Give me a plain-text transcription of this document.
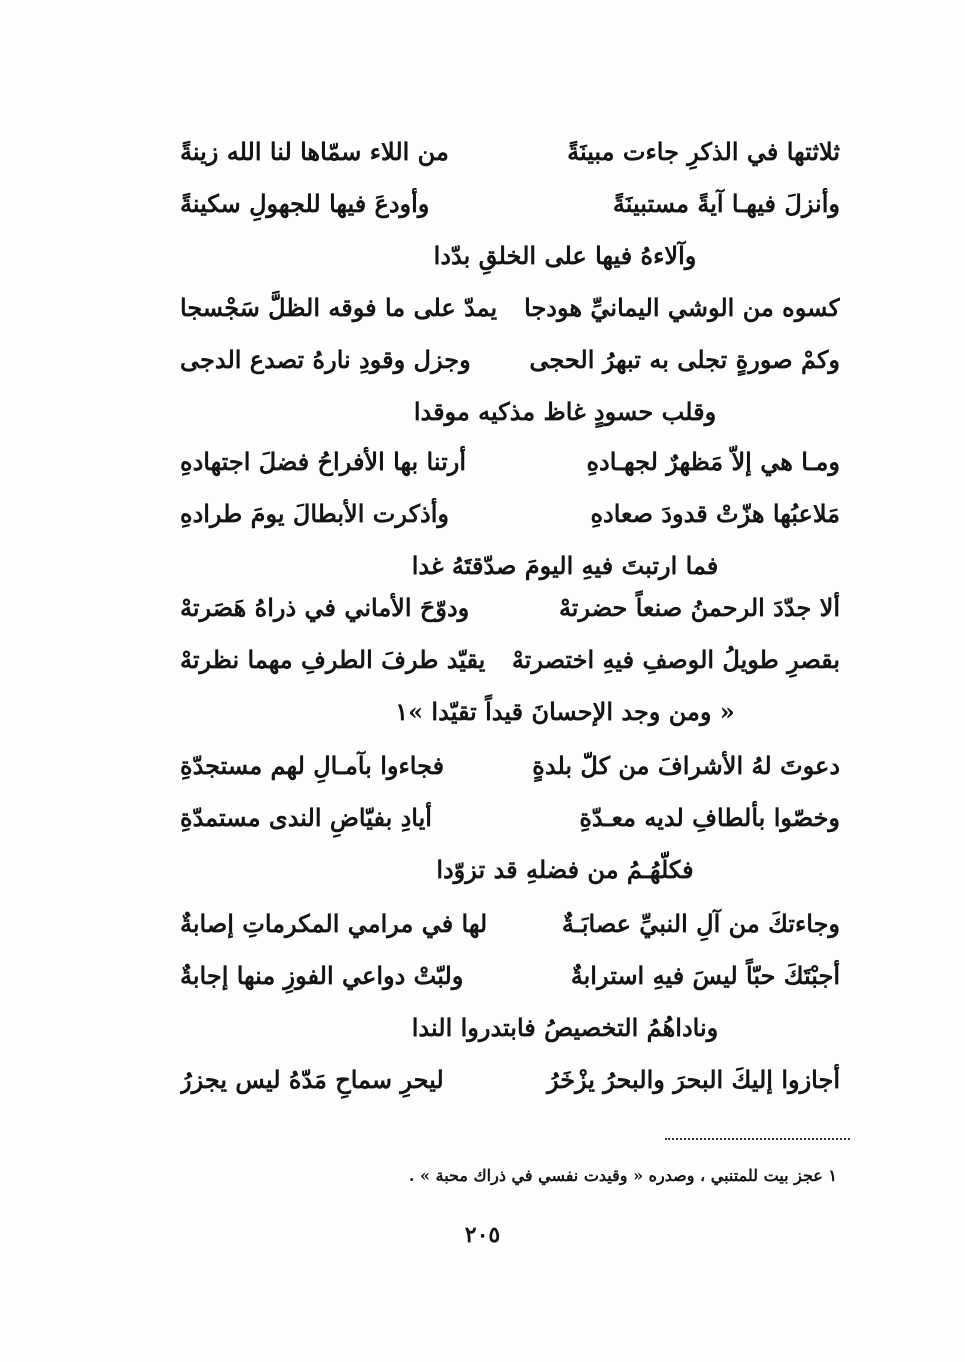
ثلاثتها في الذكرِ جاءت مبينَةً
من اللاء سمّاها لنا الله زينةً
وأنزلَ فيهـا آيةً مستبينَةً
وأودعَ فيها للجهولِ سكينةً
وآلاءهُ فيها على الخلقِ بدّدا
كسوه من الوشي اليمانيِّ هودجا
يمدّ على ما فوقه الظلَّ سَجْسجا
وكمْ صورةٍ تجلى به تبهرُ الحجى
وجزل وقودِ نارهُ تصدع الدجى
وقلب حسودٍ غاظ مذكيه موقدا
ومـا هي إلاّ مَظهرٌ لجهـادهِ
أرتنا بها الأفراحُ فضلَ اجتهادهِ
مَلاعبُها هزّتْ قدودَ صعادهِ
وأذكرت الأبطالَ يومَ طرادهِ
فما ارتبتَ فيهِ اليومَ صدّقتَهُ غدا
ألا جدّدَ الرحمنُ صنعاً حضرتهْ
ودوّحَ الأماني في ذراهُ هَصَرتهْ
بقصرِ طويلُ الوصفِ فيهِ اختصرتهْ
يقيّد طرفَ الطرفِ مهما نظرتهْ
« ومن وجد الإحسانَ قيداً تقيّدا »١
دعوتَ لهُ الأشرافَ من كلّ بلدةٍ
فجاءوا بآمـالِ لهم مستجدّةِ
وخصّوا بألطافِ لديه معـدّةِ
أيادِ بفيّاضِ الندى مستمدّةِ
فكلّهُـمُ من فضلهِ قد تزوّدا
وجاءتكَ من آلِ النبيِّ عصابَـةٌ
لها في مرامي المكرماتِ إصابةٌ
أجبْتَكَ حبّاً ليسَ فيهِ استرابةٌ
ولبّتْ دواعي الفوزِ منها إجابةٌ
وناداهُمُ التخصيصُ فابتدروا الندا
أجازوا إليكَ البحرَ والبحرُ يزْخَرُ
ليحرِ سماحِ مَدّهُ ليس يجزرُ
١ عجز بيت للمتنبي ، وصدره « وقيدت نفسي في ذراك محبة » .
٢٠٥
